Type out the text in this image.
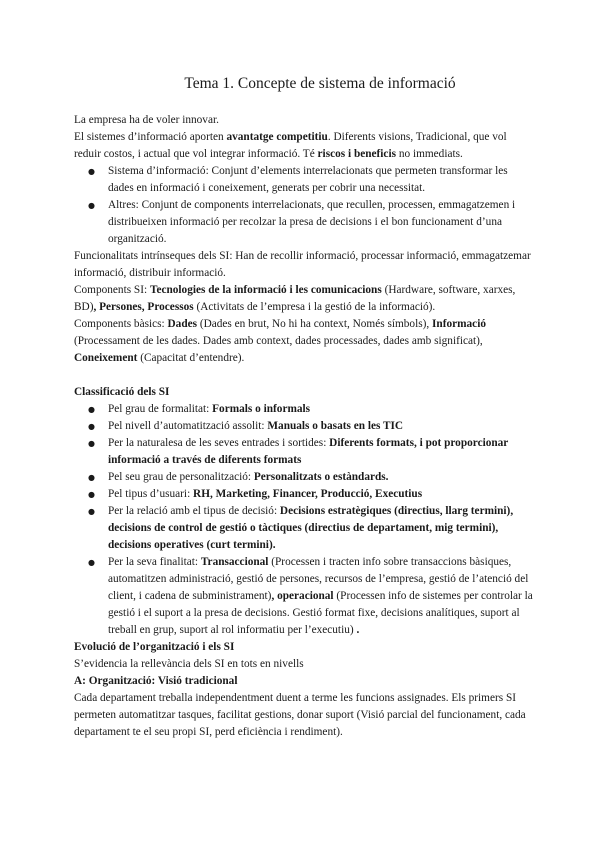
Tema 1. Concepte de sistema de informació

La empresa ha de voler innovar.

El sistemes d’informació aporten avantatge competitiu. Diferents visions, Tradicional, que vol reduir costos, i actual que vol integrar informació. Té riscos i beneficis no immediats.

● Sistema d’informació: Conjunt d’elements interrelacionats que permeten transformar les dades en informació i coneixement, generats per cobrir una necessitat.
● Altres: Conjunt de components interrelacionats, que recullen, processen, emmagatzemen i distribueixen informació per recolzar la presa de decisions i el bon funcionament d’una organització.

Funcionalitats intrínseques dels SI: Han de recollir informació, processar informació, emmagatzemar informació, distribuir informació.

Components SI: Tecnologies de la informació i les comunicacions (Hardware, software, xarxes, BD), Persones, Processos (Activitats de l’empresa i la gestió de la informació).

Components bàsics: Dades (Dades en brut, No hi ha context, Només símbols), Informació (Processament de les dades. Dades amb context, dades processades, dades amb significat), Coneixement (Capacitat d’entendre).

Classificació dels SI

● Pel grau de formalitat: Formals o informals
● Pel nivell d’automatització assolit: Manuals o basats en les TIC
● Per la naturalesa de les seves entrades i sortides: Diferents formats, i pot proporcionar informació a través de diferents formats
● Pel seu grau de personalització: Personalitzats o estàndards.
● Pel tipus d’usuari: RH, Marketing, Financer, Producció, Executius
● Per la relació amb el tipus de decisió: Decisions estratègiques (directius, llarg termini), decisions de control de gestió o tàctiques (directius de departament, mig termini), decisions operatives (curt termini).
● Per la seva finalitat: Transaccional (Processen i tracten info sobre transaccions bàsiques, automatitzen administració, gestió de persones, recursos de l’empresa, gestió de l’atenció del client, i cadena de subministrament), operacional (Processen info de sistemes per controlar la gestió i el suport a la presa de decisions. Gestió format fixe, decisions analítiques, suport al treball en grup, suport al rol informatiu per l’executiu) .

Evolució de l’organització i els SI

S’evidencia la rellevància dels SI en tots en nivells

A: Organització: Visió tradicional

Cada departament treballa independentment duent a terme les funcions assignades. Els primers SI permeten automatitzar tasques, facilitat gestions, donar suport (Visió parcial del funcionament, cada departament te el seu propi SI, perd eficiència i rendiment).
